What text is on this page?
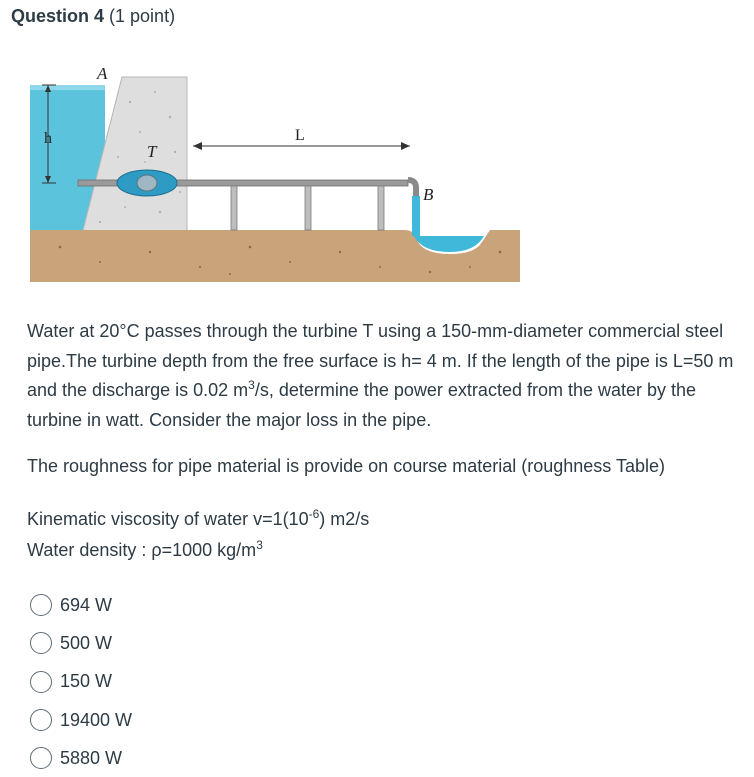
Question 4 (1 point)
A
h
T
L
B

Water at 20°C passes through the turbine T using a 150-mm-diameter commercial steel pipe.The turbine depth from the free surface is h= 4 m. If the length of the pipe is L=50 m and the discharge is 0.02 $m^3/s$, determine the power extracted from the water by the turbine in watt. Consider the major loss in the pipe.

The roughness for pipe material is provide on course material (roughness Table)
Kinematic viscosity of water $v=1(10^{-6})$ m2/s
Water density : ρ=1000 $kg/m^3$
694 W
500 W
150 W
19400 W
5880 W
